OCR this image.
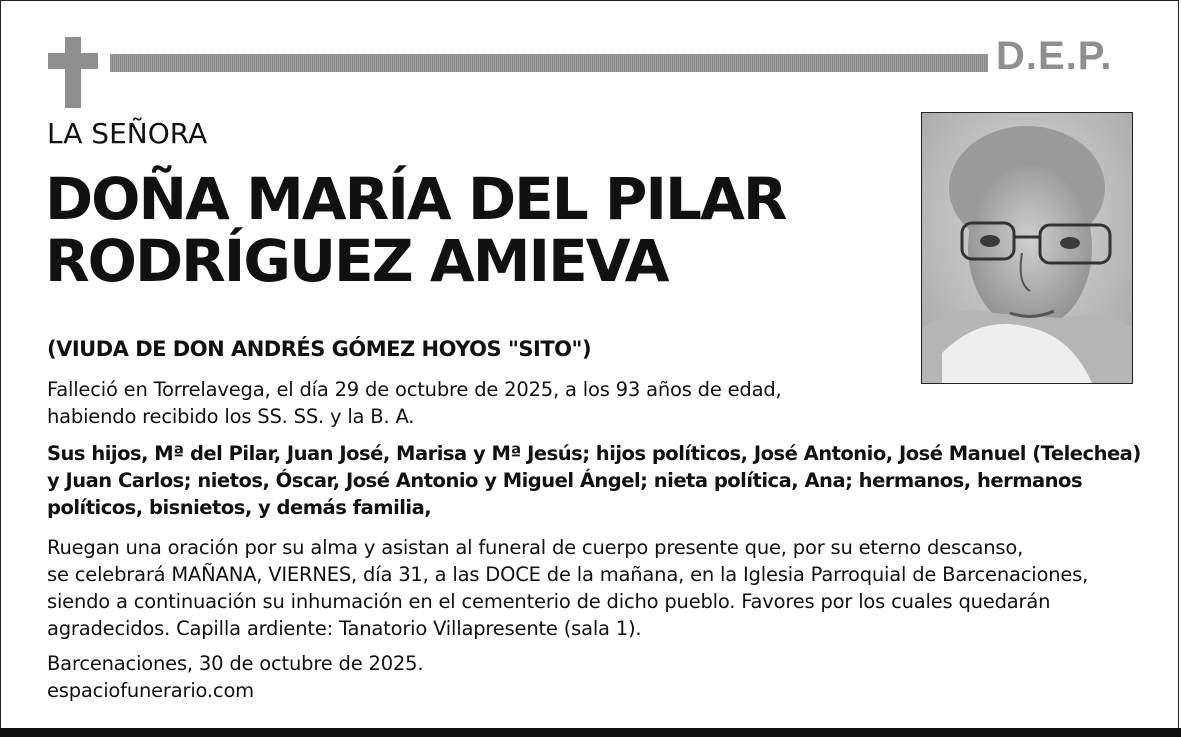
D.E.P.
LA SEÑORA
DOÑA MARÍA DEL PILAR
RODRÍGUEZ AMIEVA
(VIUDA DE DON ANDRÉS GÓMEZ HOYOS "SITO")
Falleció en Torrelavega, el día 29 de octubre de 2025, a los 93 años de edad,
habiendo recibido los SS. SS. y la B. A.
Sus hijos, Mª del Pilar, Juan José, Marisa y Mª Jesús; hijos políticos, José Antonio, José Manuel (Telechea)
y Juan Carlos; nietos, Óscar, José Antonio y Miguel Ángel; nieta política, Ana; hermanos, hermanos
políticos, bisnietos, y demás familia,
Ruegan una oración por su alma y asistan al funeral de cuerpo presente que, por su eterno descanso,
se celebrará MAÑANA, VIERNES, día 31, a las DOCE de la mañana, en la Iglesia Parroquial de Barcenaciones,
siendo a continuación su inhumación en el cementerio de dicho pueblo. Favores por los cuales quedarán
agradecidos. Capilla ardiente: Tanatorio Villapresente (sala 1).
Barcenaciones, 30 de octubre de 2025.
espaciofunerario.com
